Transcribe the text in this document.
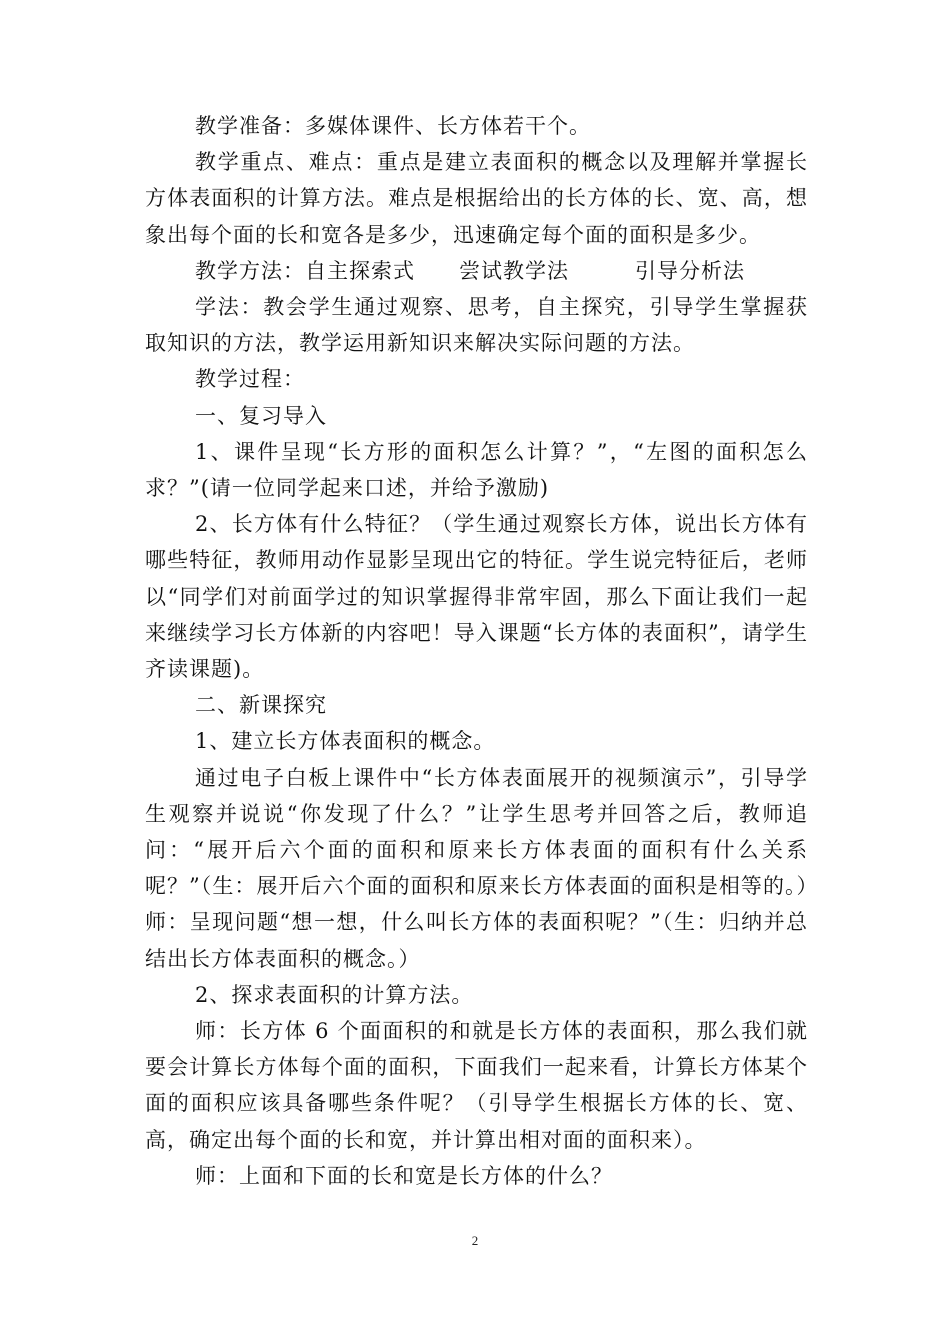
教学准备：多媒体课件、长方体若干个。

教学重点、难点：重点是建立表面积的概念以及理解并掌握长方体表面积的计算方法。难点是根据给出的长方体的长、宽、高，想象出每个面的长和宽各是多少，迅速确定每个面的面积是多少。

教学方法：自主探索式　　尝试教学法　　　引导分析法

学法：教会学生通过观察、思考，自主探究，引导学生掌握获取知识的方法，教学运用新知识来解决实际问题的方法。

教学过程：

一、复习导入

1、课件呈现“长方形的面积怎么计算？”，“左图的面积怎么求？”(请一位同学起来口述，并给予激励)

2、长方体有什么特征？（学生通过观察长方体，说出长方体有哪些特征，教师用动作显影呈现出它的特征。学生说完特征后，老师以“同学们对前面学过的知识掌握得非常牢固，那么下面让我们一起来继续学习长方体新的内容吧！导入课题“长方体的表面积”，请学生齐读课题)。

二、新课探究

1、建立长方体表面积的概念。

通过电子白板上课件中“长方体表面展开的视频演示”，引导学生观察并说说“你发现了什么？”让学生思考并回答之后，教师追问：“展开后六个面的面积和原来长方体表面的面积有什么关系呢？”（生：展开后六个面的面积和原来长方体表面的面积是相等的。）师：呈现问题“想一想，什么叫长方体的表面积呢？”（生：归纳并总结出长方体表面积的概念。）

2、探求表面积的计算方法。

师：长方体 6 个面面积的和就是长方体的表面积，那么我们就要会计算长方体每个面的面积，下面我们一起来看，计算长方体某个面的面积应该具备哪些条件呢？（引导学生根据长方体的长、宽、高，确定出每个面的长和宽，并计算出相对面的面积来）。

师：上面和下面的长和宽是长方体的什么？

2
